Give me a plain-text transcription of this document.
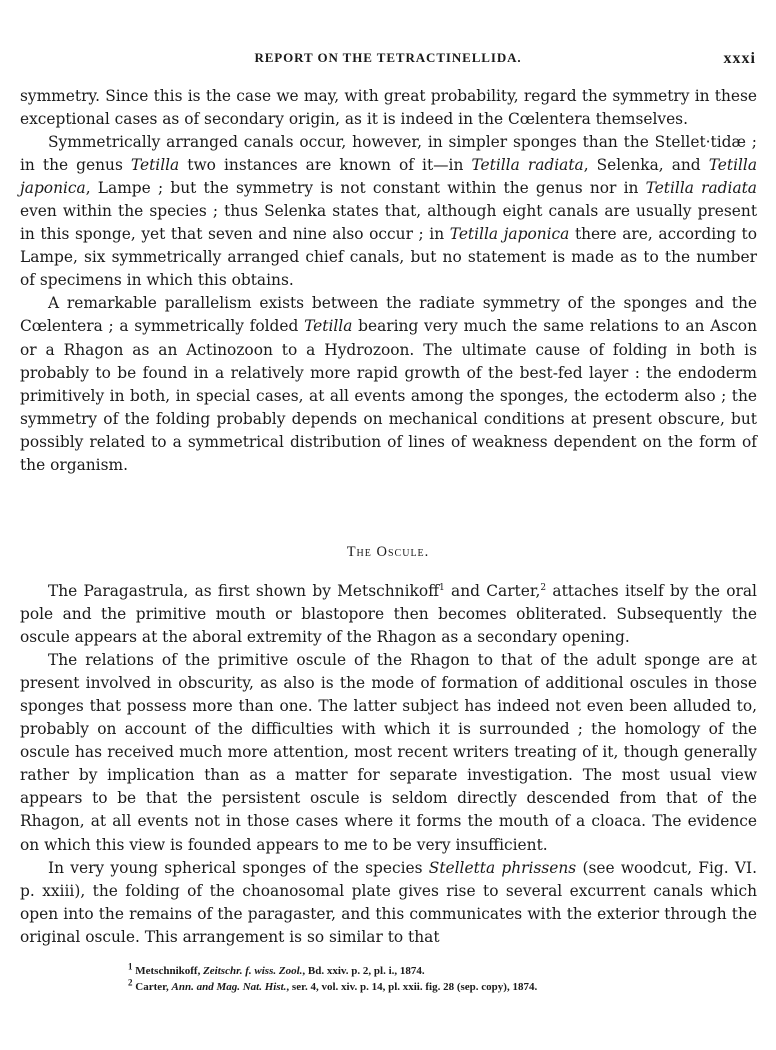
REPORT ON THE TETRACTINELLIDA.	xxxi

symmetry. Since this is the case we may, with great probability, regard the symmetry in these exceptional cases as of secondary origin, as it is indeed in the Cœlentera themselves.

Symmetrically arranged canals occur, however, in simpler sponges than the Stellet·tidæ ; in the genus Tetilla two instances are known of it—in Tetilla radiata, Selenka, and Tetilla japonica, Lampe ; but the symmetry is not constant within the genus nor in Tetilla radiata even within the species ; thus Selenka states that, although eight canals are usually present in this sponge, yet that seven and nine also occur ; in Tetilla japonica there are, according to Lampe, six symmetrically arranged chief canals, but no statement is made as to the number of specimens in which this obtains.

A remarkable parallelism exists between the radiate symmetry of the sponges and the Cœlentera ; a symmetrically folded Tetilla bearing very much the same relations to an Ascon or a Rhagon as an Actinozoon to a Hydrozoon. The ultimate cause of folding in both is probably to be found in a relatively more rapid growth of the best-fed layer : the endoderm primitively in both, in special cases, at all events among the sponges, the ectoderm also ; the symmetry of the folding probably depends on mechanical conditions at present obscure, but possibly related to a symmetrical distribution of lines of weakness dependent on the form of the organism.

The Oscule.

The Paragastrula, as first shown by Metschnikoff$^1$ and Carter,$^2$ attaches itself by the oral pole and the primitive mouth or blastopore then becomes obliterated. Subsequently the oscule appears at the aboral extremity of the Rhagon as a secondary opening.

The relations of the primitive oscule of the Rhagon to that of the adult sponge are at present involved in obscurity, as also is the mode of formation of additional oscules in those sponges that possess more than one. The latter subject has indeed not even been alluded to, probably on account of the difficulties with which it is surrounded ; the homology of the oscule has received much more attention, most recent writers treating of it, though generally rather by implication than as a matter for separate investigation. The most usual view appears to be that the persistent oscule is seldom directly descended from that of the Rhagon, at all events not in those cases where it forms the mouth of a cloaca. The evidence on which this view is founded appears to me to be very insufficient.

In very young spherical sponges of the species Stelletta phrissens (see woodcut, Fig. VI. p. xxiii), the folding of the choanosomal plate gives rise to several excurrent canals which open into the remains of the paragaster, and this communicates with the exterior through the original oscule. This arrangement is so similar to that

$^1$ Metschnikoff, Zeitschr. f. wiss. Zool., Bd. xxiv. p. 2, pl. i., 1874.

$^2$ Carter, Ann. and Mag. Nat. Hist., ser. 4, vol. xiv. p. 14, pl. xxii. fig. 28 (sep. copy), 1874.
